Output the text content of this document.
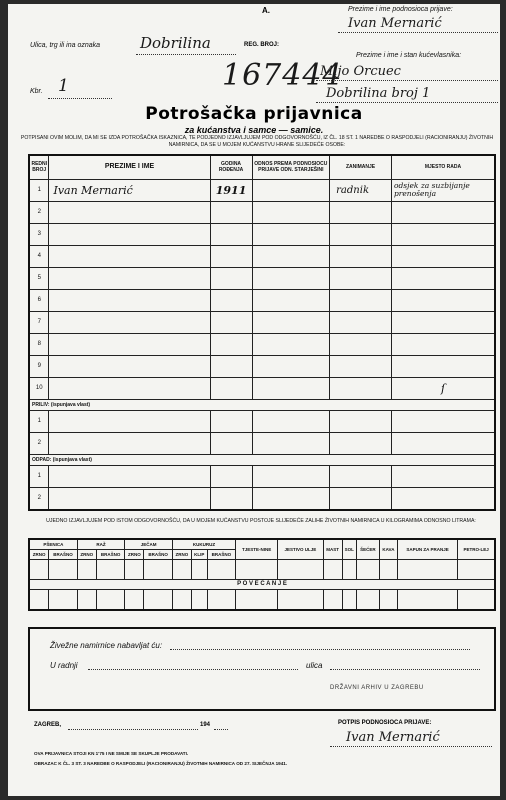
A.	Prezime i ime podnosioca prijave:
Ivan Mernarić
Ulica, trg ili ina oznaka	Dobrilina	REG. BROJ:
Prezime i ime i stan kućevlasnika:
167444
Mijo Orcuec
Dobrilina broj 1
Kbr. 1
Potrošačka prijavnica
za kućanstva i samce — samice.
POTPISANI OVIM MOLIM, DA MI SE IZDA POTROŠAČKA ISKAZNICA, TE PODJEDNO IZJAVLJUJEM POD ODGOVORNOŠĆU, IZ ČL. 18 ST. 1 NAREDBE O RASPODJELI (RACIONIRANJU) ŽIVOTNIH NAMIRNICA, DA SE U MOJEM KUĆANSTVU HRANE SLIJEDEĆE OSOBE:
REDNI BROJ	PREZIME I IME	GODINA ROĐENJA	ODNOS PREMA PODNOSIOCU PRIJAVE ODN. STARJEŠINI	ZANIMANJE	MJESTO RADA
1	Ivan Mernarić	1911		radnik	odsjek za suzbijanje prenošenja
2					
3					
4					
5					
6					
7					
8					
9					
10					ſ
PRILIV: (ispunjava vlast)					
1					
2					
ODPAD: (ispunjava vlast)					
1					
2					
UJEDNO IZJAVLJUJEM POD ISTOM ODGOVORNOŠĆU, DA U MOJEM KUĆANSTVU POSTOJE SLIJEDEĆE ZALIHE ŽIVOTNIH NAMIRNICA U KILOGRAMIMA ODNOSNO LITRAMA:
PŠENICA		RAŽ		JEČAM		KUKURUZ			TJESTE-NINE	JESTIVO ULJE	MAST	SOL	ŠEĆER	KAVA	SAPUN ZA PRANJE	PETRO-LEJ
ZRNO	BRAŠNO	ZRNO	BRAŠNO	ZRNO	BRAŠNO	ZRNO	KLIP	BRAŠNO								

P O V E Ć A N J E																

Živežne namirnice nabavljat ću:
U radnji	ulica
DRŽAVNI ARHIV U ZAGREBU
ZAGREB,	194	POTPIS PODNOSIOCA PRIJAVE:
Ivan Mernarić
OVA PRIJAVNICA STOJI KN 1'75 I NE SMIJE SE SKUPLJE PRODAVATI.
OBRAZAC K ČL. 3 ST. 3 NAREDBE O RASPODJELI (RACIONIRANJU) ŽIVOTNIH NAMIRNICA OD 27. SIJEČNJA 1941.
